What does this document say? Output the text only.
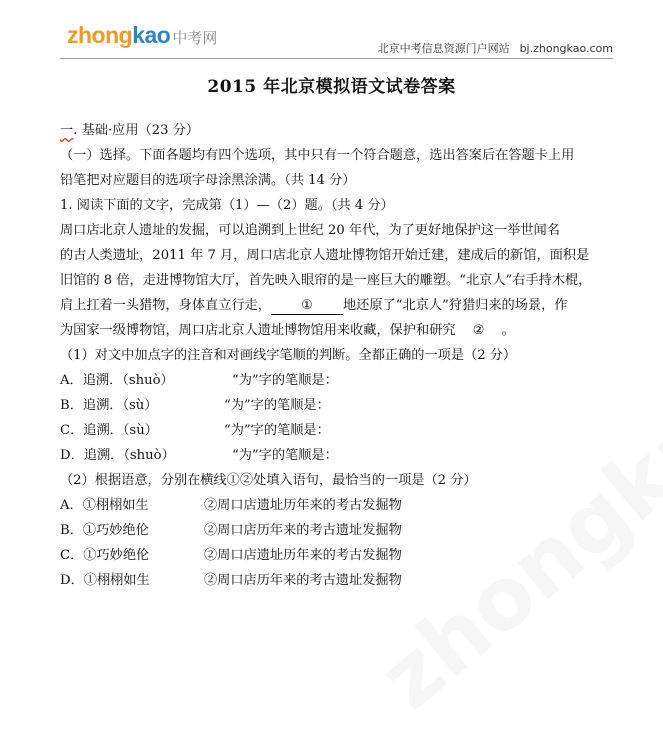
zhong kao 中考网
北京中考信息资源门户网站 bj.zhongkao.com
2015 年北京模拟语文试卷答案
一. 基础·应用（23 分）
（一）选择。下面各题均有四个选项，其中只有一个符合题意，选出答案后在答题卡上用
铅笔把对应题目的选项字母涂黑涂满。（共 14 分）
1. 阅读下面的文字，完成第（1）—（2）题。（共 4 分）
周口店北京人遗址的发掘，可以追溯到上世纪 20 年代，为了更好地保护这一举世闻名
的古人类遗址，2011 年 7 月，周口店北京人遗址博物馆开始迁建，建成后的新馆，面积是
旧馆的 8 倍，走进博物馆大厅，首先映入眼帘的是一座巨大的雕塑。“北京人”右手持木棍，
肩上扛着一头猎物，身体直立行走， ① 地还原了“北京人”狩猎归来的场景，作
为国家一级博物馆，周口店北京人遗址博物馆用来收藏，保护和研究 ② 。
（1）对文中加点字的注音和对画线字笔顺的判断。全都正确的一项是（2 分）
A．追溯．（shuò）	“为”字的笔顺是：
B．追溯．（sù）	“为”字的笔顺是：
C．追溯．（sù）	“为”字的笔顺是：
D．追溯．（shuò）	“为”字的笔顺是：
（2）根据语意，分别在横线①②处填入语句，最恰当的一项是（2 分）
A．①栩栩如生	②周口店遗址历年来的考古发掘物
B．①巧妙绝伦	②周口店历年来的考古遗址发掘物
C．①巧妙绝伦	②周口店遗址历年来的考古发掘物
D．①栩栩如生	②周口店历年来的考古遗址发掘物
